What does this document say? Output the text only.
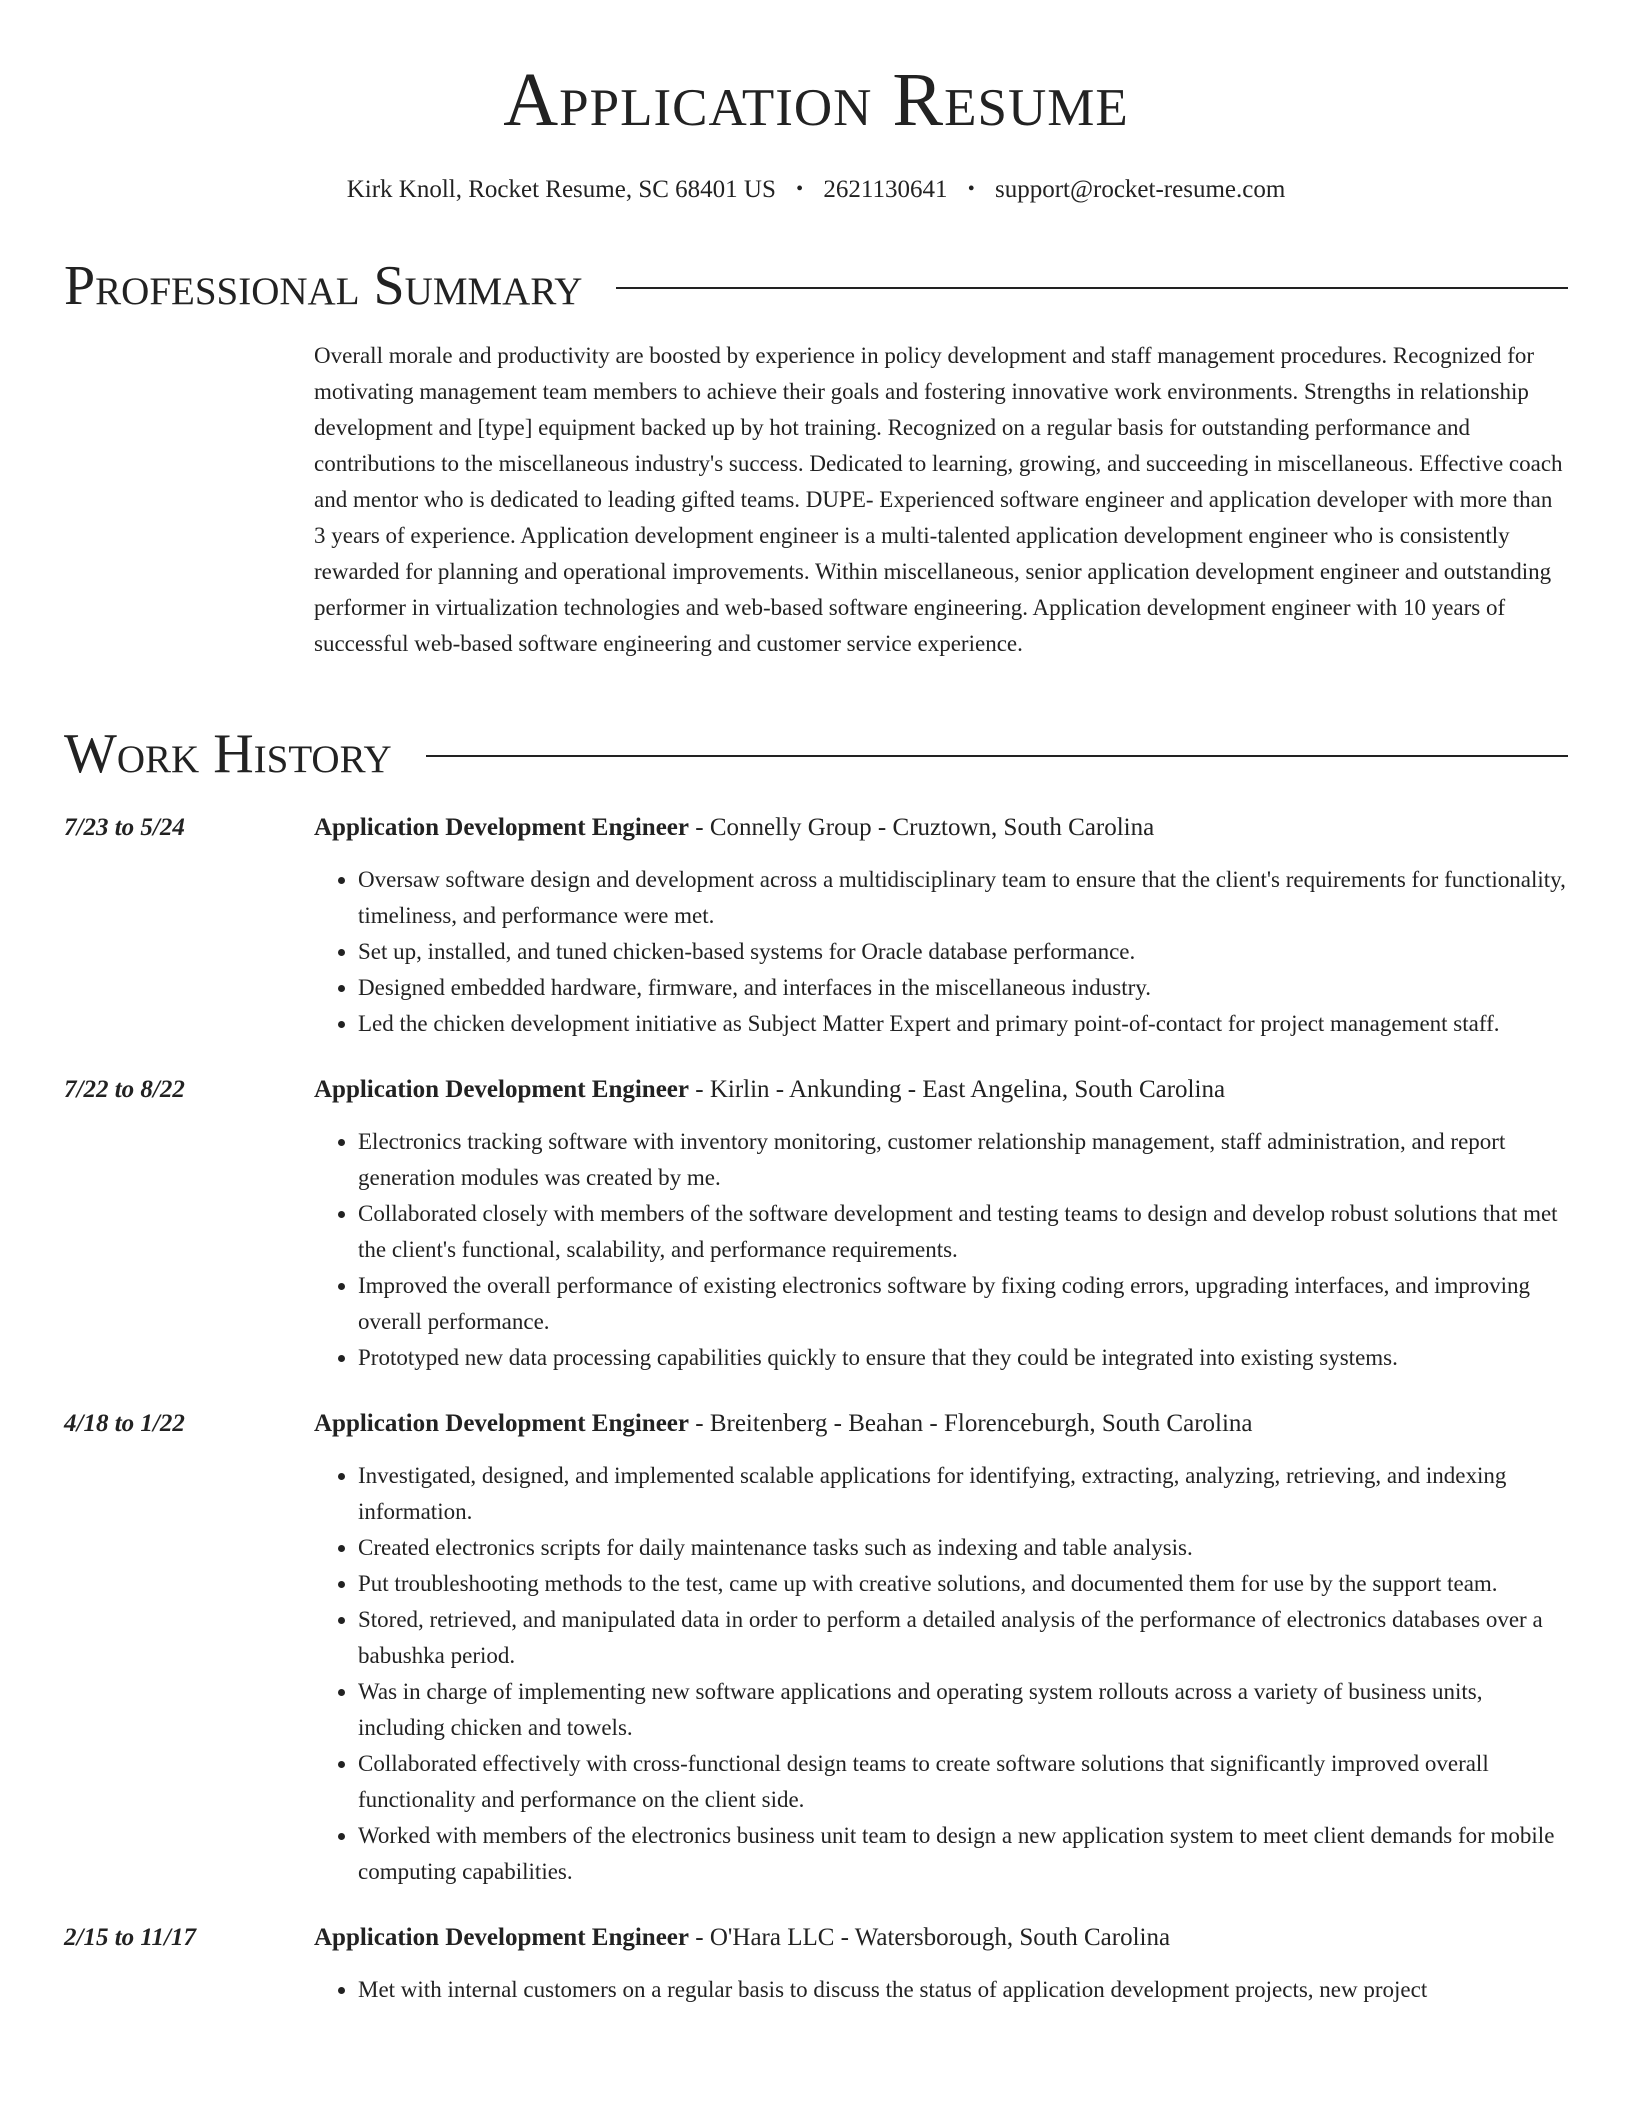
Application Resume
Kirk Knoll, Rocket Resume, SC 68401 US • 2621130641 • support@rocket-resume.com
Professional Summary

Overall morale and productivity are boosted by experience in policy development and staff management procedures. Recognized for motivating management team members to achieve their goals and fostering innovative work environments. Strengths in relationship development and [type] equipment backed up by hot training. Recognized on a regular basis for outstanding performance and contributions to the miscellaneous industry's success. Dedicated to learning, growing, and succeeding in miscellaneous. Effective coach and mentor who is dedicated to leading gifted teams. DUPE- Experienced software engineer and application developer with more than 3 years of experience. Application development engineer is a multi-talented application development engineer who is consistently rewarded for planning and operational improvements. Within miscellaneous, senior application development engineer and outstanding performer in virtualization technologies and web-based software engineering. Application development engineer with 10 years of successful web-based software engineering and customer service experience.

Work History
7/23 to 5/24	Application Development Engineer - Connelly Group - Cruztown, South Carolina

• Oversaw software design and development across a multidisciplinary team to ensure that the client's requirements for functionality, timeliness, and performance were met.
• Set up, installed, and tuned chicken-based systems for Oracle database performance.
• Designed embedded hardware, firmware, and interfaces in the miscellaneous industry.
• Led the chicken development initiative as Subject Matter Expert and primary point-of-contact for project management staff.
7/22 to 8/22	Application Development Engineer - Kirlin - Ankunding - East Angelina, South Carolina

• Electronics tracking software with inventory monitoring, customer relationship management, staff administration, and report generation modules was created by me.
• Collaborated closely with members of the software development and testing teams to design and develop robust solutions that met the client's functional, scalability, and performance requirements.
• Improved the overall performance of existing electronics software by fixing coding errors, upgrading interfaces, and improving overall performance.
• Prototyped new data processing capabilities quickly to ensure that they could be integrated into existing systems.
4/18 to 1/22	Application Development Engineer - Breitenberg - Beahan - Florenceburgh, South Carolina

• Investigated, designed, and implemented scalable applications for identifying, extracting, analyzing, retrieving, and indexing information.
• Created electronics scripts for daily maintenance tasks such as indexing and table analysis.
• Put troubleshooting methods to the test, came up with creative solutions, and documented them for use by the support team.
• Stored, retrieved, and manipulated data in order to perform a detailed analysis of the performance of electronics databases over a babushka period.
• Was in charge of implementing new software applications and operating system rollouts across a variety of business units, including chicken and towels.
• Collaborated effectively with cross-functional design teams to create software solutions that significantly improved overall functionality and performance on the client side.
• Worked with members of the electronics business unit team to design a new application system to meet client demands for mobile computing capabilities.
2/15 to 11/17	Application Development Engineer - O'Hara LLC - Watersborough, South Carolina

• Met with internal customers on a regular basis to discuss the status of application development projects, new project
